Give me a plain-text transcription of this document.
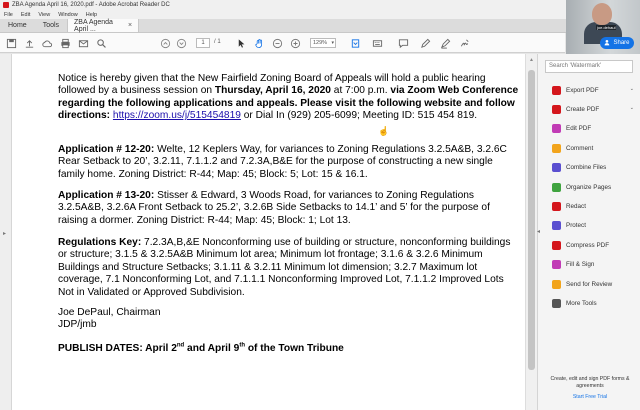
ZBA Agenda April 16, 2020.pdf - Adobe Acrobat Reader DC
File Edit View Window Help
Home	Tools	ZBA Agenda April ...	×
1	/ 1	129% ▾
joe.dehaul
Share
▸
Notice is hereby given that the New Fairfield Zoning Board of Appeals will hold a public hearing followed by a business session on Thursday, April 16, 2020 at 7:00 p.m. via Zoom Web Conference regarding the following applications and appeals. Please visit the following website and follow directions: https://zoom.us/j/515454819 or Dial In (929) 205-6099; Meeting ID: 515 454 819.
Application # 12-20: Welte, 12 Keplers Way, for variances to Zoning Regulations 3.2.5A&B, 3.2.6C Rear Setback to 20’, 3.2.11, 7.1.1.2 and 7.2.3A,B&E for the purpose of constructing a new single family home. Zoning District: R-44; Map: 45; Block: 5; Lot: 15 & 16.1.
Application # 13-20: Stisser & Edward, 3 Woods Road, for variances to Zoning Regulations 3.2.5A&B, 3.2.6A Front Setback to 25.2’, 3.2.6B Side Setbacks to 14.1’ and 5’ for the purpose of raising a dormer. Zoning District: R-44; Map: 45; Block: 1; Lot 13.
Regulations Key: 7.2.3A,B,&E Nonconforming use of building or structure, nonconforming buildings or structure; 3.1.5 & 3.2.5A&B Minimum lot area; Minimum lot frontage; 3.1.6 & 3.2.6 Minimum Buildings and Structure Setbacks; 3.1.11 & 3.2.11 Minimum lot dimension; 3.2.7 Maximum lot coverage, 7.1 Nonconforming Lot, and 7.1.1.1 Nonconforming Improved Lot, 7.1.1.2 Improved Lots Not in Validated or Approved Subdivision.
Joe DePaul, Chairman
JDP/jmb
PUBLISH DATES: April 2nd and April 9th of the Town Tribune
☝
▲
◂
Search 'Watermark'
Export PDF	⌄
Create PDF	⌄
Edit PDF
Comment
Combine Files
Organize Pages
Redact
Protect
Compress PDF
Fill & Sign
Send for Review
More Tools
Create, edit and sign PDF forms & agreements
Start Free Trial
